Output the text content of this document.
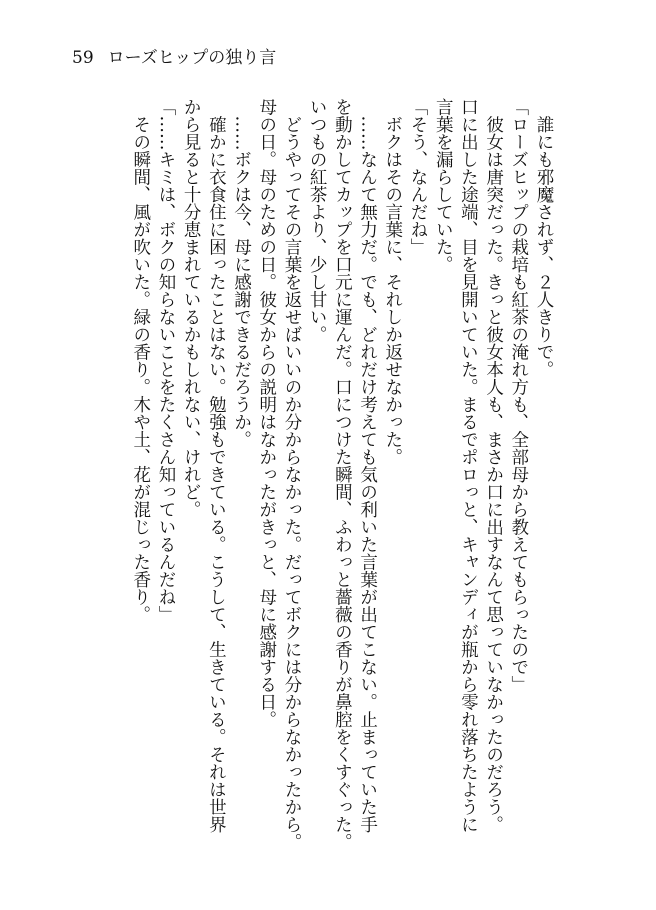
59 ローズヒップの独り言
　誰にも邪魔されず、２人きりで。
「ローズヒップの栽培も紅茶の淹れ方も、全部母から教えてもらったので」
　彼女は唐突だった。きっと彼女本人も、まさか口に出すなんて思っていなかったのだろう。
口に出した途端、目を見開いていた。まるでポロっと、キャンディが瓶から零れ落ちたように
言葉を漏らしていた。
「そう、なんだね」
　ボクはその言葉に、それしか返せなかった。
　……なんて無力だ。でも、どれだけ考えても気の利いた言葉が出てこない。止まっていた手
を動かしてカップを口元に運んだ。口につけた瞬間、ふわっと薔薇の香りが鼻腔をくすぐった。
いつもの紅茶より、少し甘い。
　どうやってその言葉を返せばいいのか分からなかった。だってボクには分からなかったから。
母の日。母のための日。彼女からの説明はなかったがきっと、母に感謝する日。
　……ボクは今、母に感謝できるだろうか。
　確かに衣食住に困ったことはない。勉強もできている。こうして、生きている。それは世界
から見ると十分恵まれているかもしれない、けれど。
「……キミは、ボクの知らないことをたくさん知っているんだね」
　その瞬間、風が吹いた。緑の香り。木や土、花が混じった香り。
